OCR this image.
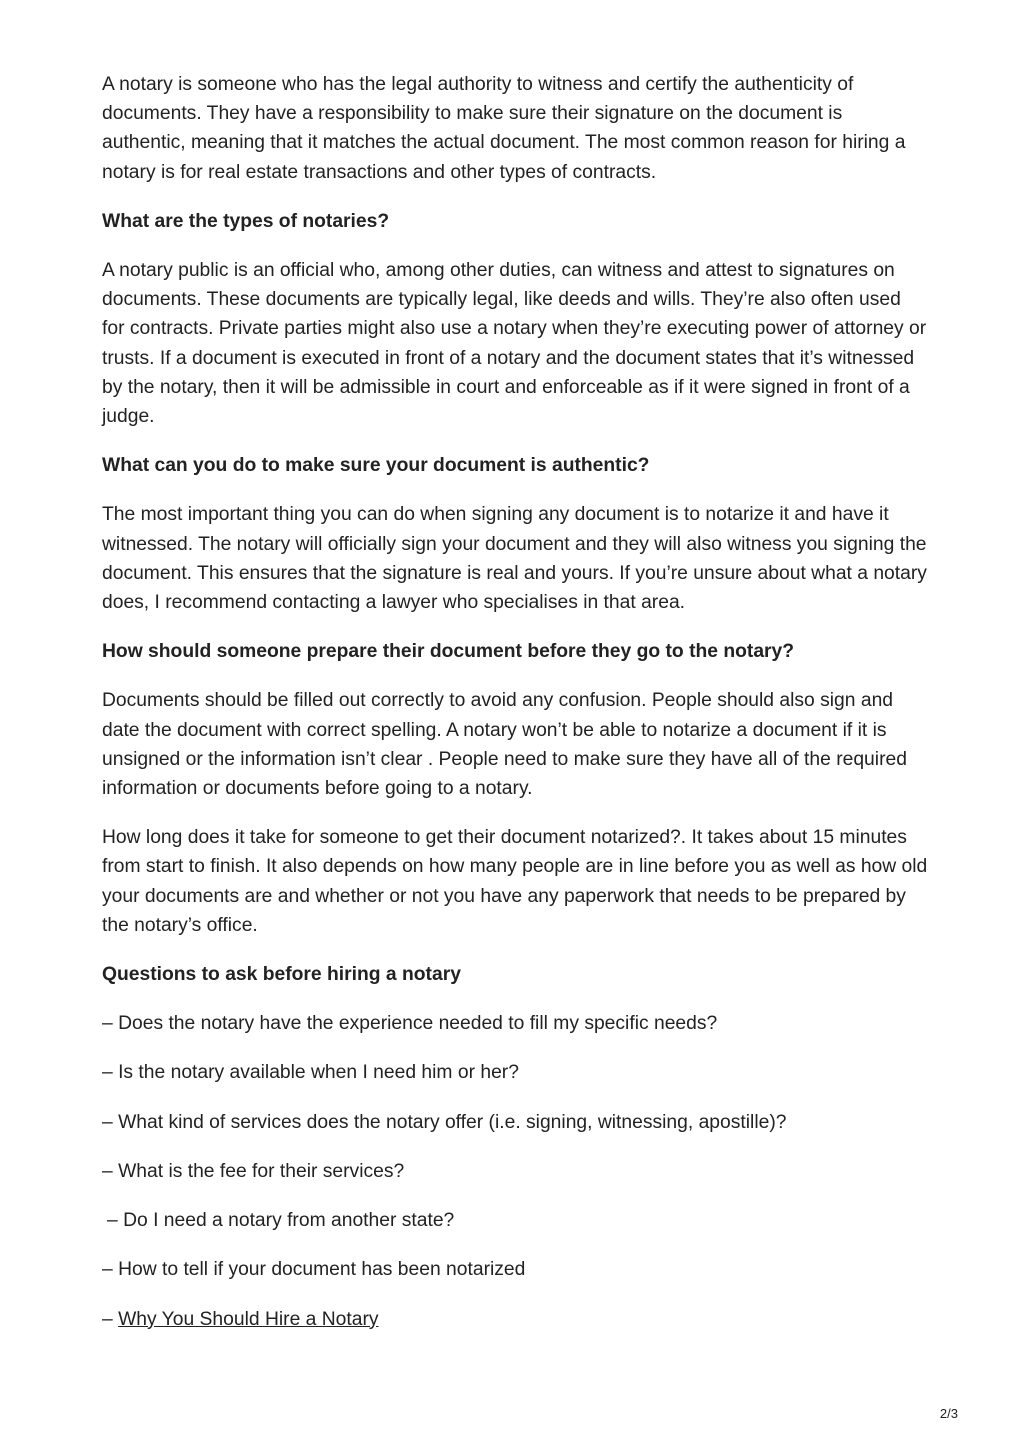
A notary is someone who has the legal authority to witness and certify the authenticity of documents. They have a responsibility to make sure their signature on the document is authentic, meaning that it matches the actual document. The most common reason for hiring a notary is for real estate transactions and other types of contracts.

What are the types of notaries?

A notary public is an official who, among other duties, can witness and attest to signatures on documents. These documents are typically legal, like deeds and wills. They’re also often used for contracts. Private parties might also use a notary when they’re executing power of attorney or trusts. If a document is executed in front of a notary and the document states that it’s witnessed by the notary, then it will be admissible in court and enforceable as if it were signed in front of a judge.

What can you do to make sure your document is authentic?

The most important thing you can do when signing any document is to notarize it and have it witnessed. The notary will officially sign your document and they will also witness you signing the document. This ensures that the signature is real and yours. If you’re unsure about what a notary does, I recommend contacting a lawyer who specialises in that area.

How should someone prepare their document before they go to the notary?

Documents should be filled out correctly to avoid any confusion. People should also sign and date the document with correct spelling. A notary won’t be able to notarize a document if it is unsigned or the information isn’t clear . People need to make sure they have all of the required information or documents before going to a notary.

How long does it take for someone to get their document notarized?. It takes about 15 minutes from start to finish. It also depends on how many people are in line before you as well as how old your documents are and whether or not you have any paperwork that needs to be prepared by the notary’s office.

Questions to ask before hiring a notary

– Does the notary have the experience needed to fill my specific needs?

– Is the notary available when I need him or her?

– What kind of services does the notary offer (i.e. signing, witnessing, apostille)?

– What is the fee for their services?

– Do I need a notary from another state?

– How to tell if your document has been notarized

– Why You Should Hire a Notary

2/3
